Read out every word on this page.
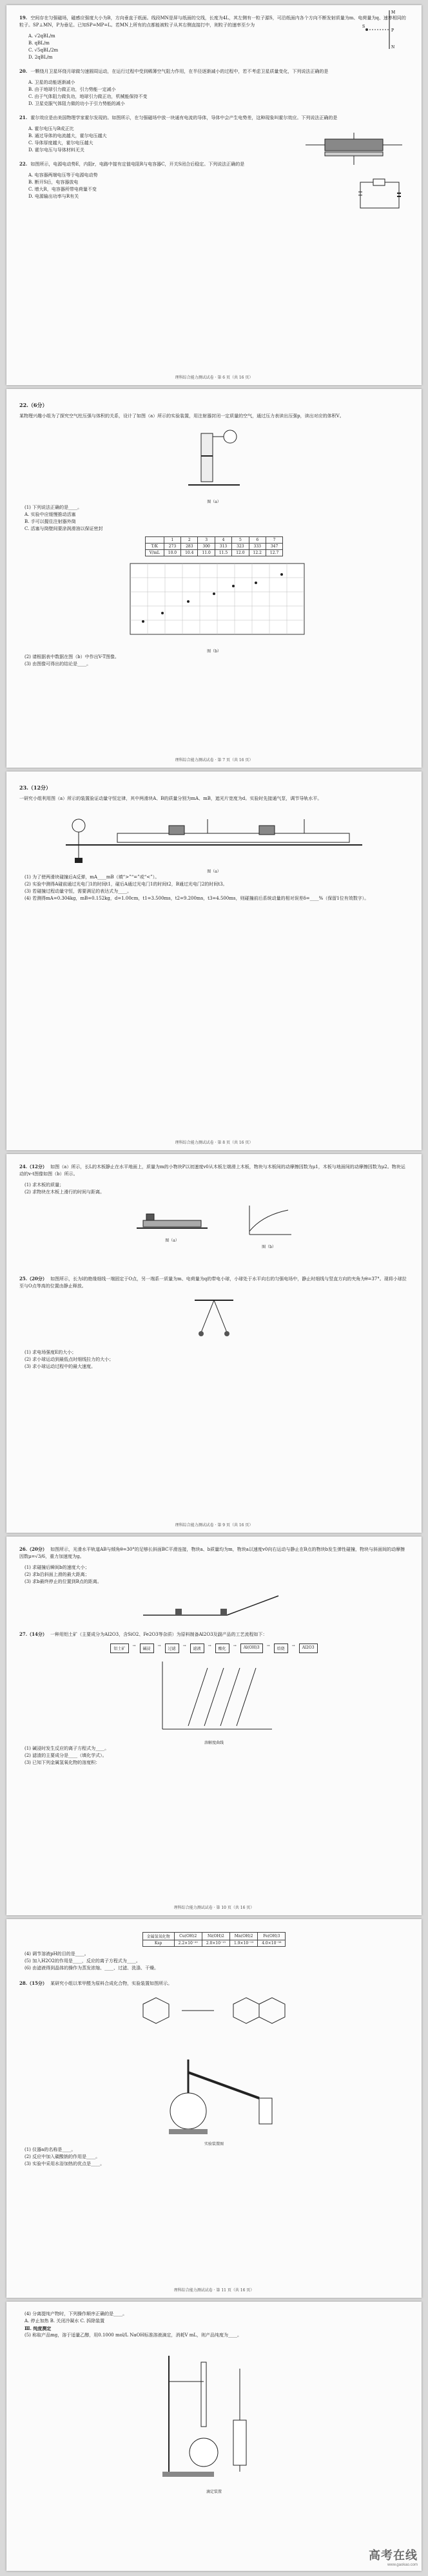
19. 空间存在匀强磁场，磁感应强度大小为B，方向垂直于纸面。线段MN是屏与纸面的交线，长度为4L，其左侧有一粒子源S，可沿纸面内各个方向不断发射质量为m、电荷量为q、速率相同的粒子。SP⊥MN，P为垂足。已知SP=MP=L。若MN上所有的点都能被粒子从其右侧直接打中，则粒子的速率至少为	S
P
M
N
A. √2qBL/m
B. qBL/m
C. √5qBL/2m
D. 2qBL/m
20. 一颗绕月卫星环绕月球做匀速圆周运动，在运行过程中受到稀薄空气阻力作用，在半径逐渐减小的过程中，若不考虑卫星质量变化，下列说法正确的是
A. 卫星的动能逐渐减小
B. 由于地球引力做正功，引力势能一定减小
C. 由于气体阻力做负功，地球引力做正功，机械能保持不变
D. 卫星克服气体阻力做的功小于引力势能的减小
21. 霍尔效应是由美国物理学家霍尔发现的。如图所示，在匀强磁场中放一块通有电流的导体，导体中会产生电势差，这种现象叫霍尔效应。下列说法正确的是
A. 霍尔电压与B成正比
B. 通过导体的电流越大，霍尔电压越大
C. 导体厚度越大，霍尔电压越大
D. 霍尔电压与导体材料无关
22. 如图所示，电源电动势E，内阻r，电路中接有定值电阻R与电容器C，开关S闭合后稳定。下列说法正确的是
A. 电容器两端电压等于电源电动势
B. 断开S后，电容器放电
C. 增大R，电容器所带电荷量不变
D. 电源输出功率与R有关
理科综合能力测试试卷 · 第 6 页（共 16 页）
22.（6分）
某物理兴趣小组为了探究空气柱压强与体积的关系，设计了如图（a）所示的实验装置，用注射器封闭一定质量的空气，通过压力表读出压强p，读出对应的体积V。
图（a）
(1) 下列说法正确的是____。
A. 实验中应缓慢推动活塞
B. 手可以握住注射器外筒
C. 活塞与筒壁间要涂润滑油以保证密封
	1	2	3	4	5	6	7
T/K	273	283	300	313	323	333	347
V/mL	10.0	10.4	11.0	11.5	12.0	12.2	12.7
图（b）
(2) 请根据表中数据在图（b）中作出V-T图像。
(3) 由图像可得出的结论是____。
理科综合能力测试试卷 · 第 7 页（共 16 页）
23.（12分）
一研究小组利用图（a）所示的装置验证动量守恒定律，其中两滑块A、B的质量分别为mA、mB，遮光片宽度为d。实验时先接通气泵，调节导轨水平。
图（a）
(1) 为了使两滑块碰撞后A反弹，mA____mB（填“>”“=”或“<”）。
(2) 实验中测得A碰前通过光电门1的时间t1，碰后A通过光电门1的时间t2，B通过光电门2的时间t3。
(3) 若碰撞过程动量守恒，需要满足的表达式为____。
(4) 若测得mA=0.304kg，mB=0.152kg，d=1.00cm，t1=3.500ms，t2=9.200ms，t3=4.500ms，则碰撞前后系统动量的相对误差δ=____%（保留1位有效数字）。
理科综合能力测试试卷 · 第 8 页（共 16 页）
24.（12分） 如图（a）所示，长L的木板静止在水平地面上，质量为m的小物块P以初速度v0从木板左端滑上木板，物块与木板间的动摩擦因数为μ1，木板与地面间的动摩擦因数为μ2。物块运动的v-t图像如图（b）所示。
(1) 求木板的质量；
(2) 求物块在木板上滑行的时间与距离。
图（a）
图（b）
25.（20分） 如图所示，长为l的绝缘细线一端固定于O点，另一端系一质量为m、电荷量为q的带电小球，小球处于水平向右的匀强电场中，静止时细线与竖直方向的夹角为θ=37°。现将小球拉至与O点等高的位置由静止释放。
(1) 求电场强度E的大小；
(2) 求小球运动到最低点时细线拉力的大小；
(3) 求小球运动过程中的最大速度。
理科综合能力测试试卷 · 第 9 页（共 16 页）
26.（20分） 如图所示，光滑水平轨道AB与倾角θ=30°的足够长斜面BC平滑连接，物块a、b质量均为m，物块a以速度v0向右运动与静止在B点的物块b发生弹性碰撞，物块与斜面间的动摩擦因数μ=√3/6，重力加速度为g。
(1) 求碰撞后瞬间b的速度大小；
(2) 求b沿斜面上滑的最大距离；
(3) 求b最终停止的位置到B点的距离。
27.（14分） 一种用铝土矿（主要成分为Al2O3，含SiO2、Fe2O3等杂质）为原料制备Al2O3及副产品的工艺流程如下：
铝土矿
→
碱浸
→
过滤
→
滤液
→
酸化
→	Al(OH)3	→
焙烧
→	Al2O3
溶解度曲线
(1) 碱浸时发生反应的离子方程式为____。
(2) 滤渣的主要成分是____（填化学式）。
(3) 已知下列金属氢氧化物的溶度积：
理科综合能力测试试卷 · 第 10 页（共 16 页）
金属氢氧化物	Cu(OH)2	Ni(OH)2	Mn(OH)2	Fe(OH)3
Ksp	2.2×10⁻²⁰	2.0×10⁻¹⁵	1.9×10⁻¹³	4.0×10⁻³⁸
(4) 调节溶液pH的目的是____。
(5) 加入H2O2的作用是____，反应的离子方程式为____。
(6) 由滤液得到晶体的操作为蒸发浓缩、____、过滤、洗涤、干燥。
28.（15分） 某研究小组以苯甲醛为原料合成化合物，实验装置如图所示。
实验装置图
(1) 仪器a的名称是____。
(2) 反应中加入碳酸钠的作用是____。
(3) 实验中采用水浴加热的优点是____。
理科综合能力测试试卷 · 第 11 页（共 16 页）
(4) 分离提纯产物时，下列操作顺序正确的是____。
A. 停止加热 B. 关闭冷凝水 C. 拆除装置
Ⅲ. 纯度测定
(5) 称取产品mg，溶于适量乙醇，用0.1000 mol/L NaOH标准溶液滴定，消耗V mL，则产品纯度为____。
滴定装置
高考在线
www.gaokao.com
